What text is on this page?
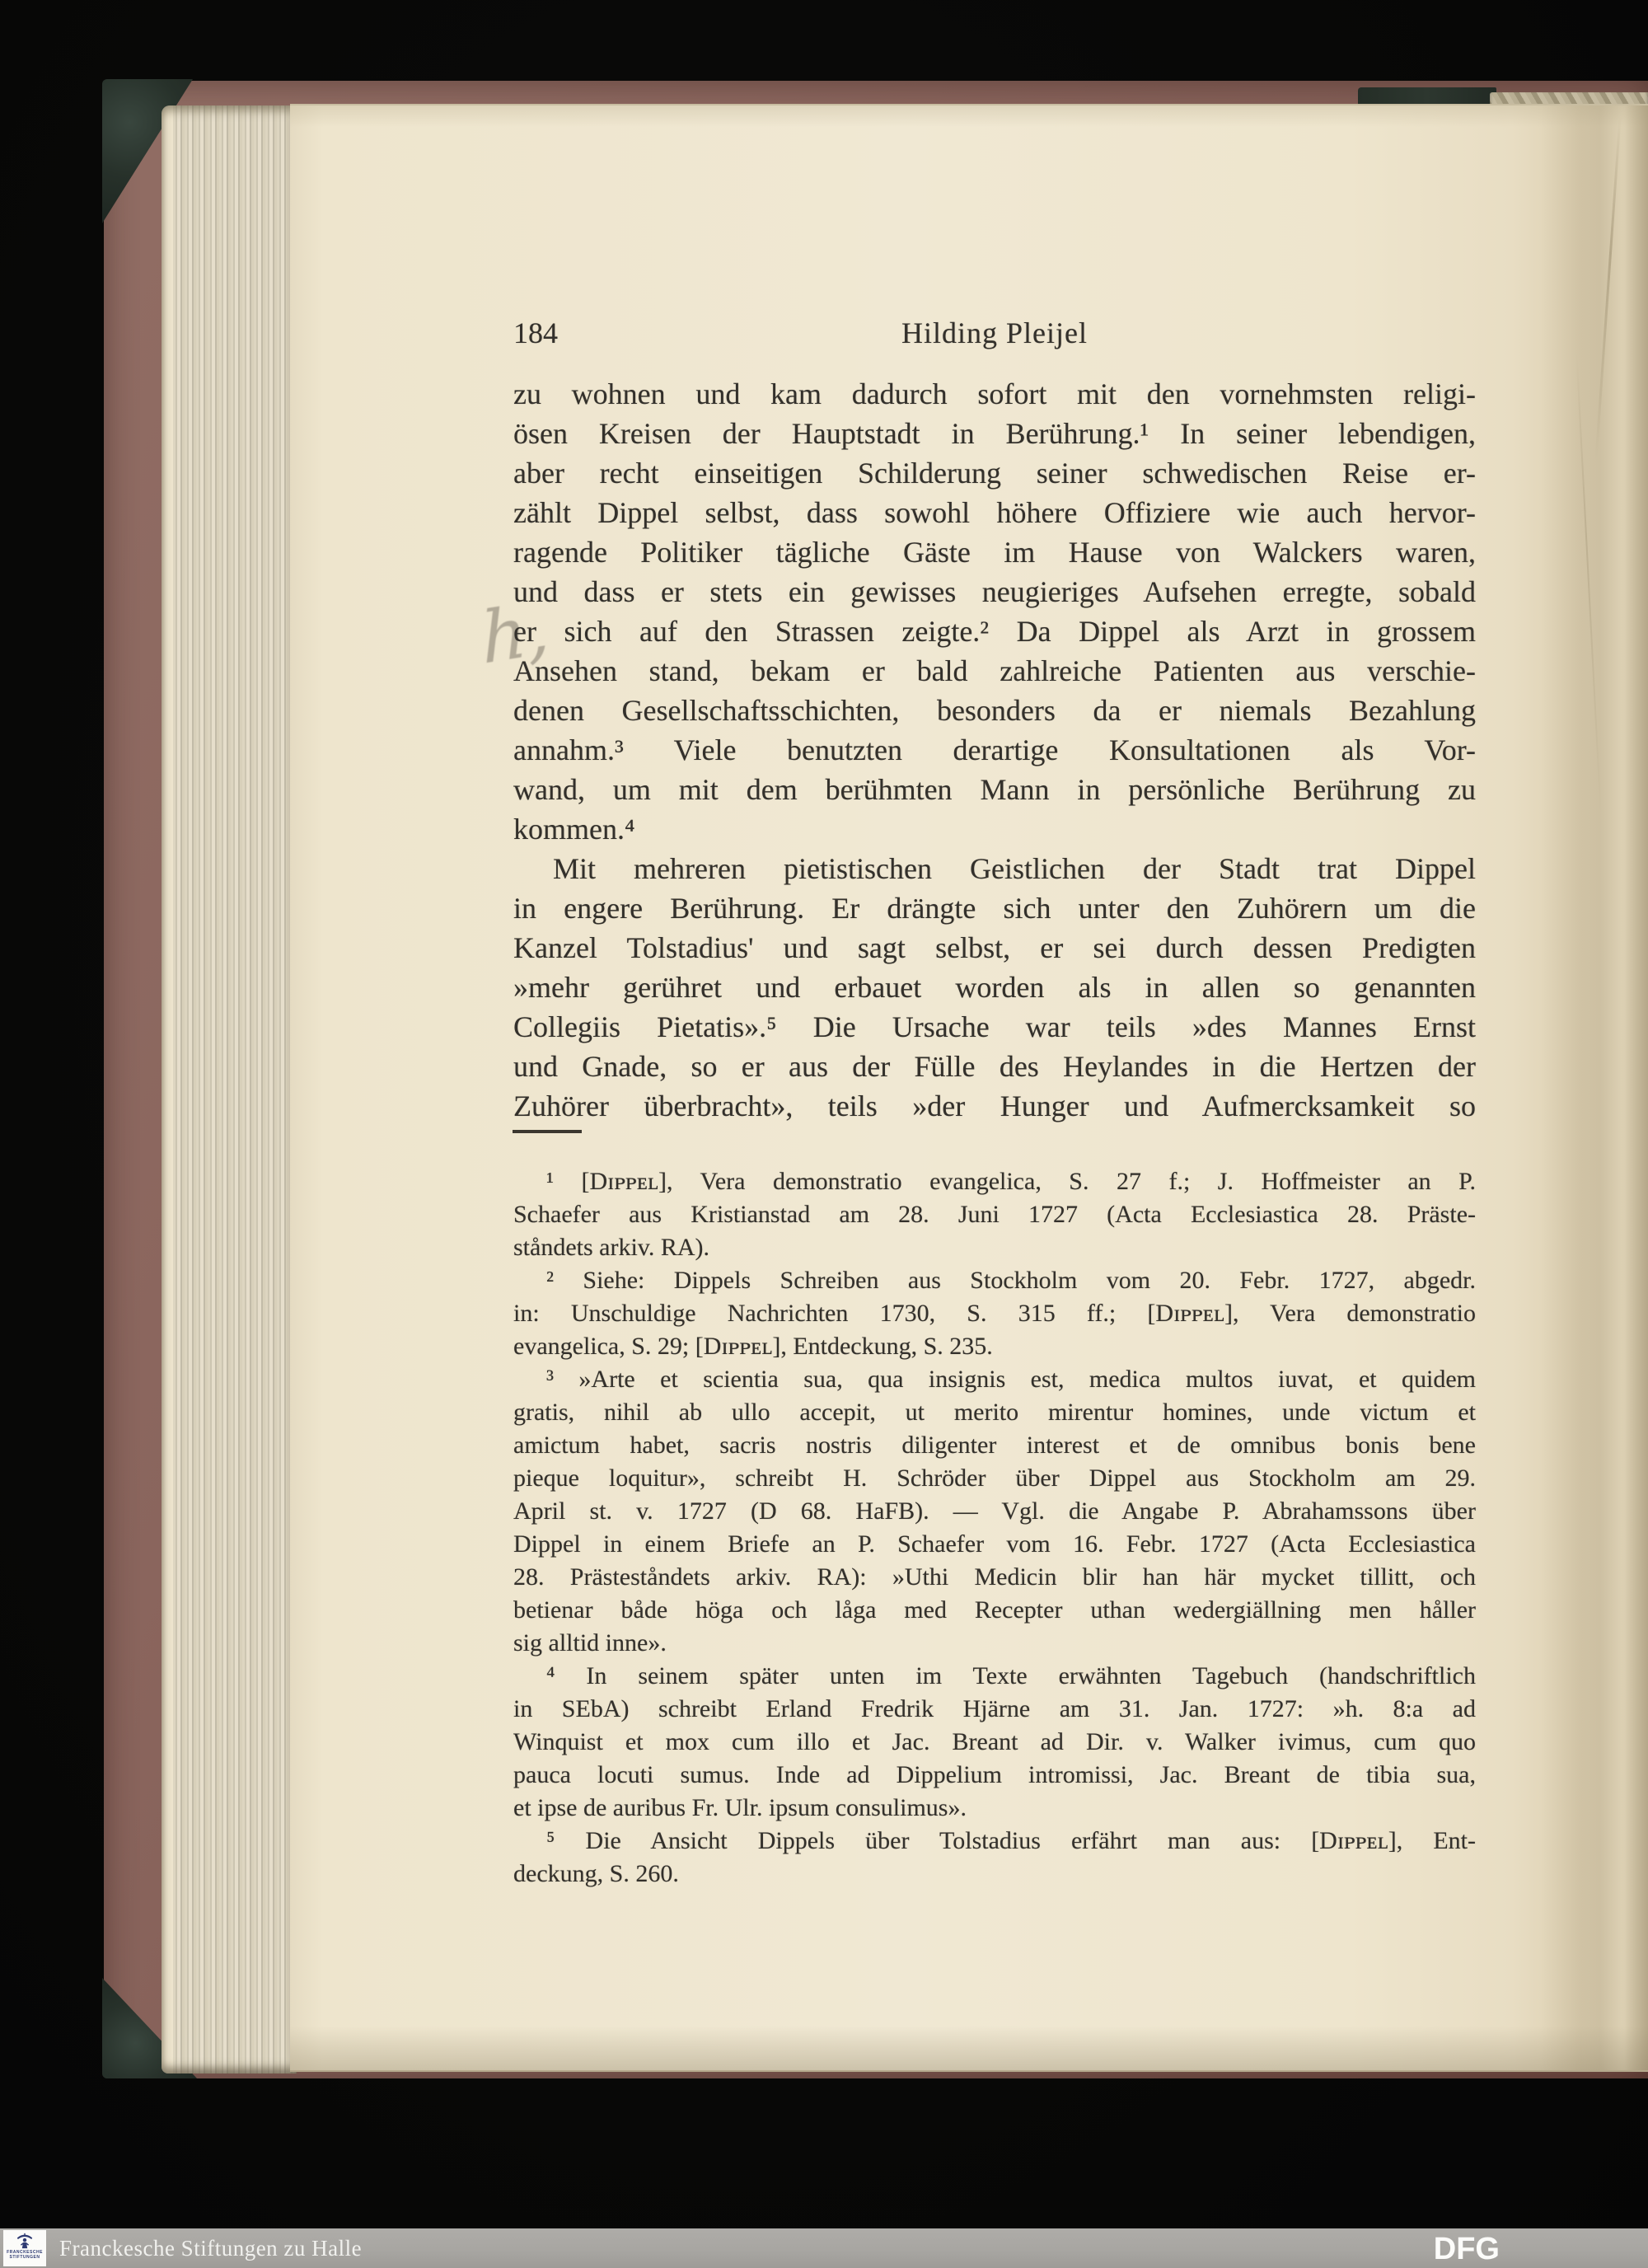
184	Hilding Pleijel
h,
zu wohnen und kam dadurch sofort mit den vornehmsten religi-
ösen Kreisen der Hauptstadt in Berührung.¹ In seiner lebendigen,
aber recht einseitigen Schilderung seiner schwedischen Reise er-
zählt Dippel selbst, dass sowohl höhere Offiziere wie auch hervor-
ragende Politiker tägliche Gäste im Hause von Walckers waren,
und dass er stets ein gewisses neugieriges Aufsehen erregte, sobald
er sich auf den Strassen zeigte.² Da Dippel als Arzt in grossem
Ansehen stand, bekam er bald zahlreiche Patienten aus verschie-
denen Gesellschaftsschichten, besonders da er niemals Bezahlung
annahm.³ Viele benutzten derartige Konsultationen als Vor-
wand, um mit dem berühmten Mann in persönliche Berührung zu
kommen.⁴
Mit mehreren pietistischen Geistlichen der Stadt trat Dippel
in engere Berührung. Er drängte sich unter den Zuhörern um die
Kanzel Tolstadius' und sagt selbst, er sei durch dessen Predigten
»mehr gerühret und erbauet worden als in allen so genannten
Collegiis Pietatis».⁵ Die Ursache war teils »des Mannes Ernst
und Gnade, so er aus der Fülle des Heylandes in die Hertzen der
Zuhörer überbracht», teils »der Hunger und Aufmercksamkeit so
¹ [Dɪᴘᴘᴇʟ], Vera demonstratio evangelica, S. 27 f.; J. Hoffmeister an P.
Schaefer aus Kristianstad am 28. Juni 1727 (Acta Ecclesiastica 28. Präste-
ståndets arkiv. RA).
² Siehe: Dippels Schreiben aus Stockholm vom 20. Febr. 1727, abgedr.
in: Unschuldige Nachrichten 1730, S. 315 ff.; [Dɪᴘᴘᴇʟ], Vera demonstratio
evangelica, S. 29; [Dɪᴘᴘᴇʟ], Entdeckung, S. 235.
³ »Arte et scientia sua, qua insignis est, medica multos iuvat, et quidem
gratis, nihil ab ullo accepit, ut merito mirentur homines, unde victum et
amictum habet, sacris nostris diligenter interest et de omnibus bonis bene
pieque loquitur», schreibt H. Schröder über Dippel aus Stockholm am 29.
April st. v. 1727 (D 68. HaFB). — Vgl. die Angabe P. Abrahamssons über
Dippel in einem Briefe an P. Schaefer vom 16. Febr. 1727 (Acta Ecclesiastica
28. Prästeståndets arkiv. RA): »Uthi Medicin blir han här mycket tillitt, och
betienar både höga och låga med Recepter uthan wedergiällning men håller
sig alltid inne».
⁴ In seinem später unten im Texte erwähnten Tagebuch (handschriftlich
in SEbA) schreibt Erland Fredrik Hjärne am 31. Jan. 1727: »h. 8:a ad
Winquist et mox cum illo et Jac. Breant ad Dir. v. Walker ivimus, cum quo
pauca locuti sumus. Inde ad Dippelium intromissi, Jac. Breant de tibia sua,
et ipse de auribus Fr. Ulr. ipsum consulimus».
⁵ Die Ansicht Dippels über Tolstadius erfährt man aus: [Dɪᴘᴘᴇʟ], Ent-
deckung, S. 260.
FRANCKESCHE
STIFTUNGEN Franckesche Stiftungen zu Halle	DFG
